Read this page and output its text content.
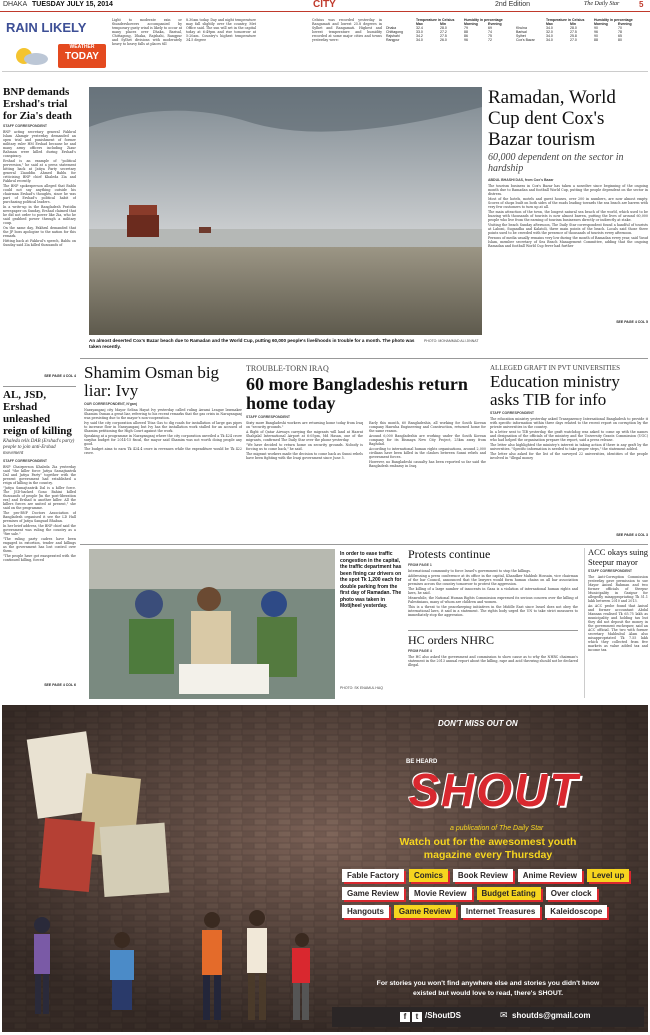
DHAKA TUESDAY JULY 15, 2014	CITY	2nd Edition	The Daily Star 5
RAIN LIKELY
WEATHER
TODAY
Light to moderate rain or thundershowers accompanied by temporary gusty wind is likely to occur at many places over Dhaka, Barisal, Chittagong, Dhaka, Rajshahi, Rangpur and Sylhet divisions with moderately heavy to heavy falls at places till
8.30am today. Day and night temperature may fall slightly over the country, Met Office said. The sun will set in the capital today at 6:49pm and rise tomorrow at 5:20am. Country's highest temperature 34.5 degree
Celsius was recorded yesterday in Rangamati and lowest 25.8 degrees in Sylhet and Rangamati. Highest and lowest temperature and humidity recorded at some major cities and towns yesterday were:
Temperature in Celsius	Humidity in percentage
Max	Min	Morning	Evening
Dhaka	32.4	28.0	79	69
Chittagong	33.0	27.2	88	74
Rajshahi	34.2	27.5	86	75
Rangpur	34.0	26.0	96	72
Temperature in Celsius	Humidity in percentage
Max	Min	Morning	Evening
Khulna	34.0	28.0	90	70
Barisal	32.0	27.5	96	78
Sylhet	34.0	25.8	90	65
Cox's Bazar	34.0	27.0	88	80
BNP demands Ershad's trial for Zia's death
STAFF CORRESPONDENT

BNP acting secretary general Fakhrul Islam Alamgir yesterday demanded an open trial and punishment of former military ruler HM Ershad because he and many army officers including Ziaur Rahman were killed during Ershad's conspiracy.

Ershad is an example of "political perversion," he said at a press statement hitting back at Jatiya Party secretary general Ziauddin Ahmed Bablu for criticising BNP chief Khaleda Zia and Fakhrul recently.

The BNP spokesperson alleged that Bablu could not say anything outside his chairman Ershad's thoughts, since he was part of Ershad's political habit of purchasing political leaders.

In a write-up in the Bangladesh Pratidin newspaper on Sunday, Ershad claimed that he did not order to power like Zia, who he said grabbed power through a military coup.

On the same day, Fakhrul demanded that the JP boss apologise to the nation for this remark.

Hitting back at Fakhrul's speech, Bablu on Sunday said Zia killed thousands of

SEE PAGE 4 COL 4
AL, JSD, Ershad unleashed reign of killing
Khaleda tells DAB (Ershad's party) people to join anti-Ershad movement
STAFF CORRESPONDENT

BNP Chairperson Khaleda Zia yesterday said "the killer force Jatiya Samajtantrik Dal and Jatiya Party" together with the present government had established a reign of killing in the country.

"Jatiya Samajtantrik Dal is a killer force. The JSD-backed Gono Bahini killed thousands of people [in the post-liberation era] and Ershad is another killer. All the killers forces are united at present," she said on the programme.

The pro-BNP Doctors Association of Bangladesh organised it see the LD Hall premises of Jatiya Sangsad Bhaban.

In her brief address, the BNP chief said the government was ruling the country as a "fire sale."

"The ruling party cadres have been engaged in extortion, tender and killings as the government has lost control over them.

"The people have got exasperated with the continued killing, forced

SEE PAGE 4 COL 6
An almost deserted Cox's Bazar beach due to Ramadan and the World Cup, putting 60,000 people's livelihoods in trouble for a month. The photo was taken recently.
PHOTO: MOHAMMAD ALI JINNAT
Ramadan, World Cup dent Cox's Bazar tourism
60,000 dependent on the sector in hardship
ABDUL BHASHI DAS, from Cox's Bazar

The tourism business in Cox's Bazar has taken a nosedive since beginning of the ongoing month due to Ramadan and football World Cup, putting the people dependent on the sector in distress.

Most of the hotels, motels and guest houses, over 200 in numbers, are now almost empty. Scores of shops built on both sides of the roads leading towards the sea beach are barren with very few customers to turn up at all.

The main attraction of the town, the longest natural sea beach of the world, which used to be buzzing with thousands of tourists is now almost barren, putting the lives of around 60,000 people who live from the earning of tourism businesses directly or indirectly at stake.

Visiting the beach Sunday afternoon, The Daily Star correspondent found a handful of tourists at Laboni, Sugandha and Kalatoli, three main points of the beach. Locals said those three points used to be crowded with the presence of thousands of tourists every afternoon.

Persons of media usually remains very low during the month of Ramadan every year, said Yusuf Islam, member secretary of Sea Beach Management Committee, adding that the ongoing Ramadan and football World Cup fever had further

SEE PAGE 4 COL 5
Shamim Osman big liar: Ivy
OUR CORRESPONDENT, N'ganj

Narayanganj city Mayor Selina Hayat Ivy yesterday called ruling Awami League lawmaker Shamim Osman a great liar, referring to his recent remarks that the gas crisis in Narayanganj was persisting due to the mayor's non-cooperation.

Ivy said the city corporation allowed Titas Gas to dig roads for installation of large gas pipes to increase flow in Narayanganj but Ivy has the installation work stalled for an accused of Shamim petitioning the High Court against the work.

Speaking at a programme in Narayanganj where the city corporation unveiled a Tk 424 crore surplus budget for 2014-15 fiscal, the mayor said Shamim was not worth doing people any good.

The budget aims to earn Tk 424.4 crore in revenues while the expenditure would be Tk 422 crore.

TROUBLE-TORN IRAQ
60 more Bangladeshis return home today
STAFF CORRESPONDENT

Sixty more Bangladeshi workers are returning home today from Iraq on "security grounds."

A flight of Qatar Airways carrying the migrants will land at Hazrat Shahjalal International Airport at 6:05pm, Md Hasan, one of the migrants, confirmed The Daily Star over the phone yesterday.

"We have decided to return home on security grounds. Nobody is forcing us to come back," he said.

The migrant workers made the decision to come back as Sunni rebels have been fighting with the Iraqi government since June 5.

Early this month, 60 Bangladeshis, all working for South Korean company Hanwha Engineering and Construction, returned home for the same reason.

Around 6,000 Bangladeshis are working under the South Korean company for its Bismaya New City Project, 25km away from Baghdad.

According to international human rights organisations, around 2,000 civilians have been killed in the clashes between Sunni rebels and government forces.

However, no Bangladeshi casualty has been reported so far said the Bangladesh embassy in Iraq.

ALLEGED GRAFT IN PVT UNIVERSITIES
Education ministry asks TIB for info
STAFF CORRESPONDENT

The education ministry yesterday asked Transparency International Bangladesh to provide it with specific information within three days related to the recent report on corruption by the private universities in the country.

In a letter sent to TIB yesterday, the graft watchdog was asked to come up with the names and designation of the officials of the ministry and the University Grants Commission (UGC) who had helped the organisation prepare the report, said a press release.

The letter also highlighted the ministry's interest in taking action if there is any graft by the universities. "Specific information is needed to take proper steps," the statement added.

The letter also asked for the list of the surveyed 22 universities, identities of the people involved in "illegal money

SEE PAGE 4 COL 3
In order to ease traffic congestion in the capital, the traffic department has been fining car drivers on the spot Tk 1,200 each for double parking from the first day of Ramadan. The photo was taken in Motijheel yesterday.
PHOTO: SK ENAMUL HAQ
Protests continue
FROM PAGE 1

International community to force Israel's government to stop the killings.

Addressing a press conference at its office in the capital, Khandker Mahbub Hossain, vice chairman of the bar Council, announced that the lawyers would form human chains on all bar association premises across the country tomorrow to protest the aggression.

The killing of a large number of innocents in Gaza is a violation of international human rights and laws, he said.

Meanwhile, the National Human Rights Commission expressed its serious concern over the killing of Palestinians, many of whom are children and women.

This is a threat to the peacekeeping initiatives in the Middle East since Israel does not obey the international laws, it said in a statement. The rights body urged the UN to take strict measures to immediately stop the aggression.

HC orders NHRC
FROM PAGE 4

The HC also asked the government and commission to show cause as to why the NHRC chairman's statement in the 2013 annual report about the killing, rape and acid throwing should not be declared illegal.

ACC okays suing Steepur mayor
STAFF CORRESPONDENT

The Anti-Corruption Commission yesterday gave permission to sue Mayor Anisul Rahman and two former officials of Steepur Municipality in Gazipur for allegedly misappropriating Tk 51.1 lakh between 2010 and 2013.

An ACC probe found that Anisul and former accountant Abdul Mannan realised Tk 65.75 lakh as municipality and holding tax but they did not deposit the money in the government exchequer, said an ACC official. The two with former secretary Mahbubul Alam also misappropriated Tk 7.55 lakh which they collected from five markets as value added tax and income tax.

DON'T MISS OUT ON
BE HEARD
SHOUT
a publication of The Daily Star
Watch out for the awesomest youth
magazine every Thursday
Fable Factory	Comics	Book Review	Anime Review	Level up
Game Review	Movie Review	Budget Eating	Over clock
Hangouts	Game Review	Internet Treasures	Kaleidoscope
For stories you won't find anywhere else and stories you didn't know
existed but would love to read, there's SHOUT.
f	t /ShoutDS	✉ shoutds@gmail.com
